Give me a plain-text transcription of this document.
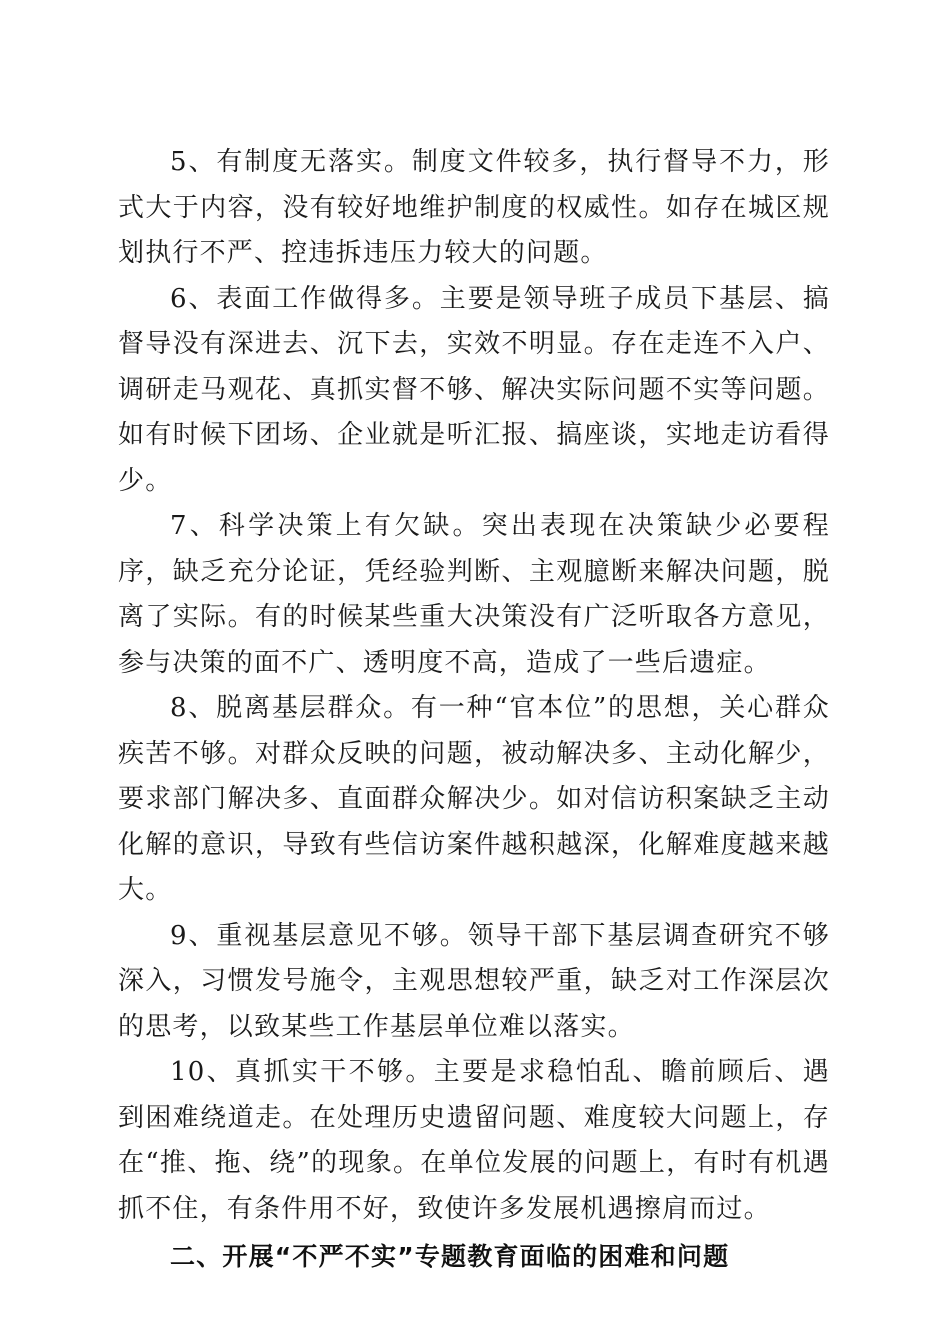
5、有制度无落实。制度文件较多，执行督导不力，形式大于内容，没有较好地维护制度的权威性。如存在城区规划执行不严、控违拆违压力较大的问题。

6、表面工作做得多。主要是领导班子成员下基层、搞督导没有深进去、沉下去，实效不明显。存在走连不入户、调研走马观花、真抓实督不够、解决实际问题不实等问题。如有时候下团场、企业就是听汇报、搞座谈，实地走访看得少。

7、科学决策上有欠缺。突出表现在决策缺少必要程序，缺乏充分论证，凭经验判断、主观臆断来解决问题，脱离了实际。有的时候某些重大决策没有广泛听取各方意见，参与决策的面不广、透明度不高，造成了一些后遗症。

8、脱离基层群众。有一种“官本位”的思想，关心群众疾苦不够。对群众反映的问题，被动解决多、主动化解少，要求部门解决多、直面群众解决少。如对信访积案缺乏主动化解的意识，导致有些信访案件越积越深，化解难度越来越大。

9、重视基层意见不够。领导干部下基层调查研究不够深入，习惯发号施令，主观思想较严重，缺乏对工作深层次的思考，以致某些工作基层单位难以落实。

10、真抓实干不够。主要是求稳怕乱、瞻前顾后、遇到困难绕道走。在处理历史遗留问题、难度较大问题上，存在“推、拖、绕”的现象。在单位发展的问题上，有时有机遇抓不住，有条件用不好，致使许多发展机遇擦肩而过。

二、开展“不严不实”专题教育面临的困难和问题
